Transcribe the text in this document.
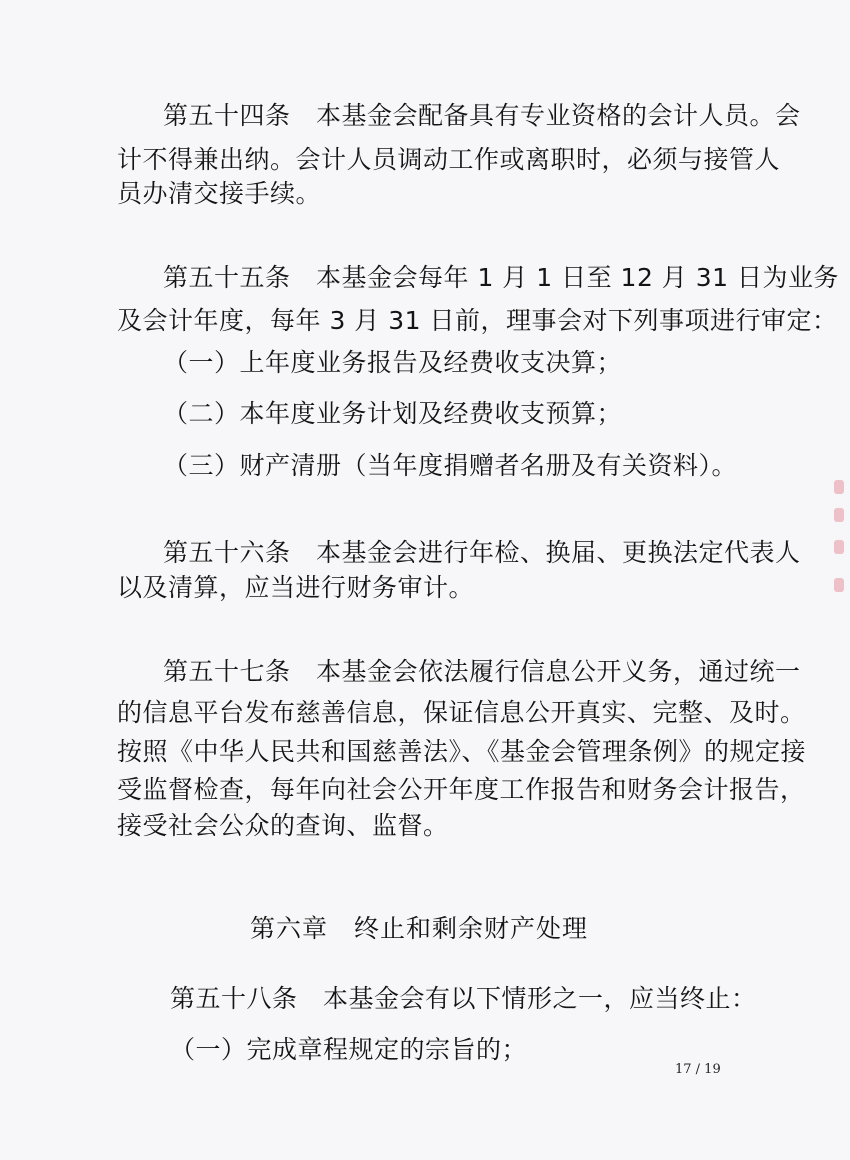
第五十四条　本基金会配备具有专业资格的会计人员。会
计不得兼出纳。会计人员调动工作或离职时，必须与接管人
员办清交接手续。
第五十五条　本基金会每年 1 月 1 日至 12 月 31 日为业务
及会计年度，每年 3 月 31 日前，理事会对下列事项进行审定：
（一）上年度业务报告及经费收支决算；
（二）本年度业务计划及经费收支预算；
（三）财产清册（当年度捐赠者名册及有关资料）。
第五十六条　本基金会进行年检、换届、更换法定代表人
以及清算，应当进行财务审计。
第五十七条　本基金会依法履行信息公开义务，通过统一
的信息平台发布慈善信息，保证信息公开真实、完整、及时。
按照《中华人民共和国慈善法》、《基金会管理条例》的规定接
受监督检查，每年向社会公开年度工作报告和财务会计报告，
接受社会公众的查询、监督。
第六章　终止和剩余财产处理
第五十八条　本基金会有以下情形之一，应当终止：
（一）完成章程规定的宗旨的；
17 / 19
